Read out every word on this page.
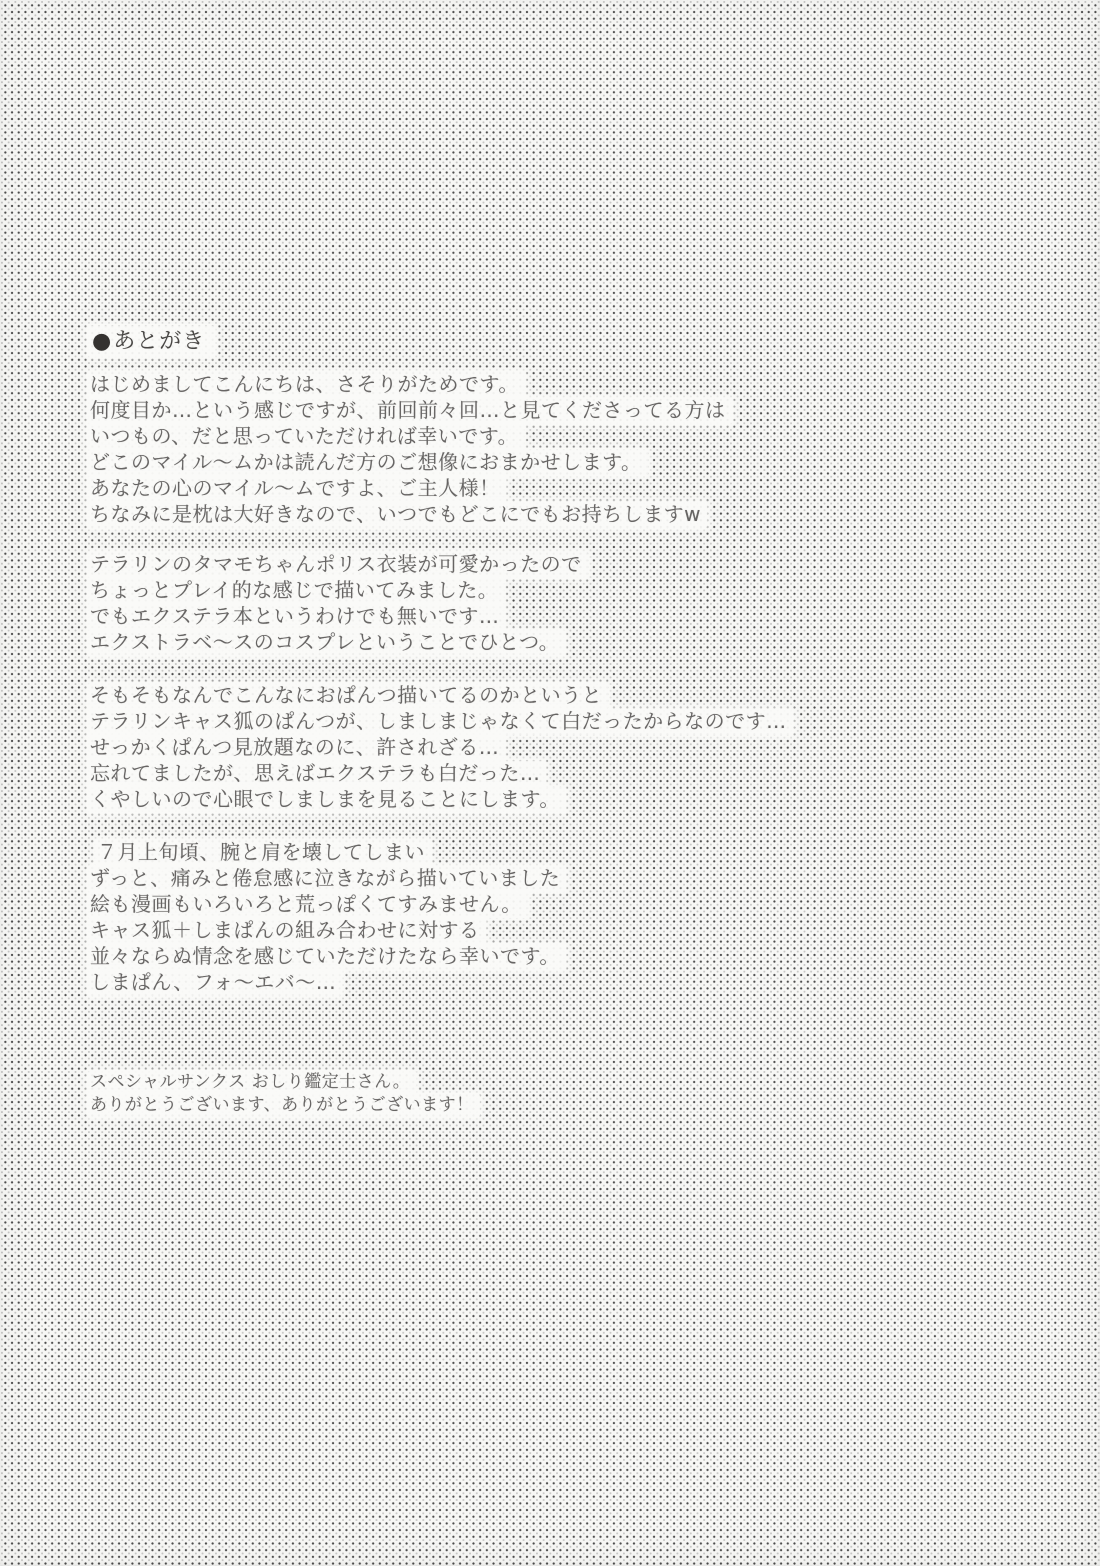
●あとがき
はじめましてこんにちは、さそりがためです。
何度目か…という感じですが、前回前々回…と見てくださってる方は
いつもの、だと思っていただければ幸いです。
どこのマイル～ムかは読んだ方のご想像におまかせします。
あなたの心のマイル～ムですよ、ご主人様！
ちなみに是枕は大好きなので、いつでもどこにでもお持ちしますw
テラリンのタマモちゃんポリス衣装が可愛かったので
ちょっとプレイ的な感じで描いてみました。
でもエクステラ本というわけでも無いです…
エクストラベ～スのコスプレということでひとつ。
そもそもなんでこんなにおぱんつ描いてるのかというと
テラリンキャス狐のぱんつが、しましまじゃなくて白だったからなのです…
せっかくぱんつ見放題なのに、許されざる…
忘れてましたが、思えばエクステラも白だった…
くやしいので心眼でしましまを見ることにします。
７月上旬頃、腕と肩を壊してしまい
ずっと、痛みと倦怠感に泣きながら描いていました
絵も漫画もいろいろと荒っぽくてすみません。
キャス狐＋しまぱんの組み合わせに対する
並々ならぬ情念を感じていただけたなら幸いです。
しまぱん、フォ～エバ～…
スペシャルサンクス おしり鑑定士さん。
ありがとうございます、ありがとうございます！
